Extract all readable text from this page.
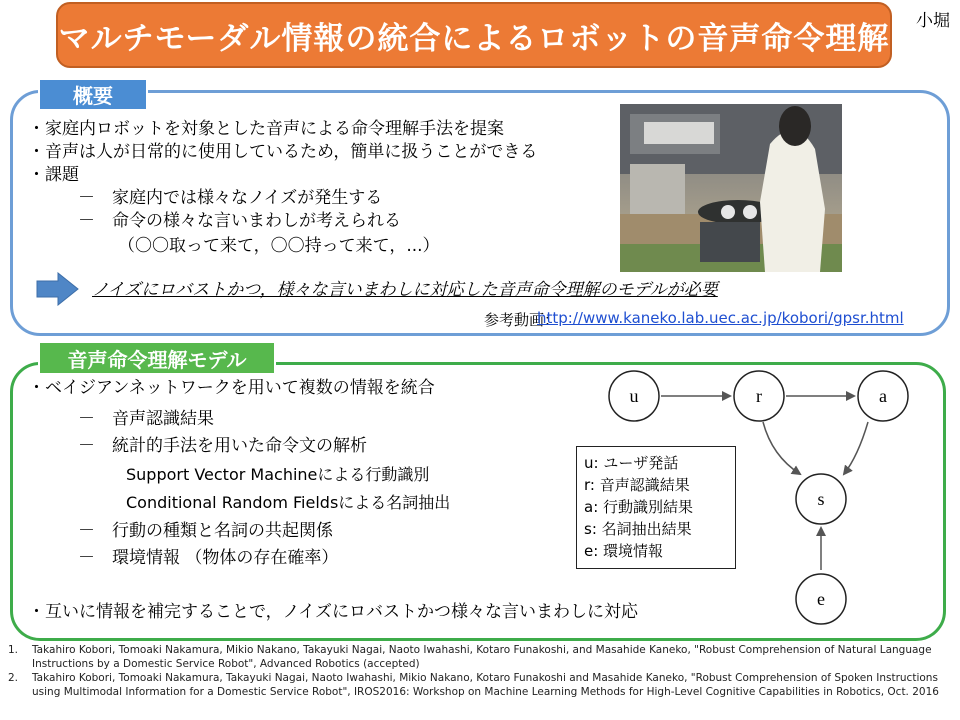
マルチモーダル情報の統合によるロボットの音声命令理解 小堀
概要
・家庭内ロボットを対象とした音声による命令理解手法を提案
・音声は人が日常的に使用しているため，簡単に扱うことができる
・課題
－　家庭内では様々なノイズが発生する
－　命令の様々な言いまわしが考えられる
（〇〇取って来て，〇〇持って来て，...）
ノイズにロバストかつ，様々な言いまわしに対応した音声命令理解のモデルが必要
参考動画：
http://www.kaneko.lab.uec.ac.jp/kobori/gpsr.html
音声命令理解モデル
・ベイジアンネットワークを用いて複数の情報を統合
－　音声認識結果
－　統計的手法を用いた命令文の解析
Support Vector Machineによる行動識別
Conditional Random Fieldsによる名詞抽出
－　行動の種類と名詞の共起関係
－　環境情報 （物体の存在確率）
・互いに情報を補完することで，ノイズにロバストかつ様々な言いまわしに対応
u	r	a
s
e
u: ユーザ発話
r: 音声認識結果
a: 行動識別結果
s: 名詞抽出結果
e: 環境情報
1.	Takahiro Kobori, Tomoaki Nakamura, Mikio Nakano, Takayuki Nagai, Naoto Iwahashi, Kotaro Funakoshi, and Masahide Kaneko, "Robust Comprehension of Natural Language Instructions by a Domestic Service Robot", Advanced Robotics (accepted)
2.	Takahiro Kobori, Tomoaki Nakamura, Takayuki Nagai, Naoto Iwahashi, Mikio Nakano, Kotaro Funakoshi and Masahide Kaneko, "Robust Comprehension of Spoken Instructions using Multimodal Information for a Domestic Service Robot", IROS2016: Workshop on Machine Learning Methods for High-Level Cognitive Capabilities in Robotics, Oct. 2016
